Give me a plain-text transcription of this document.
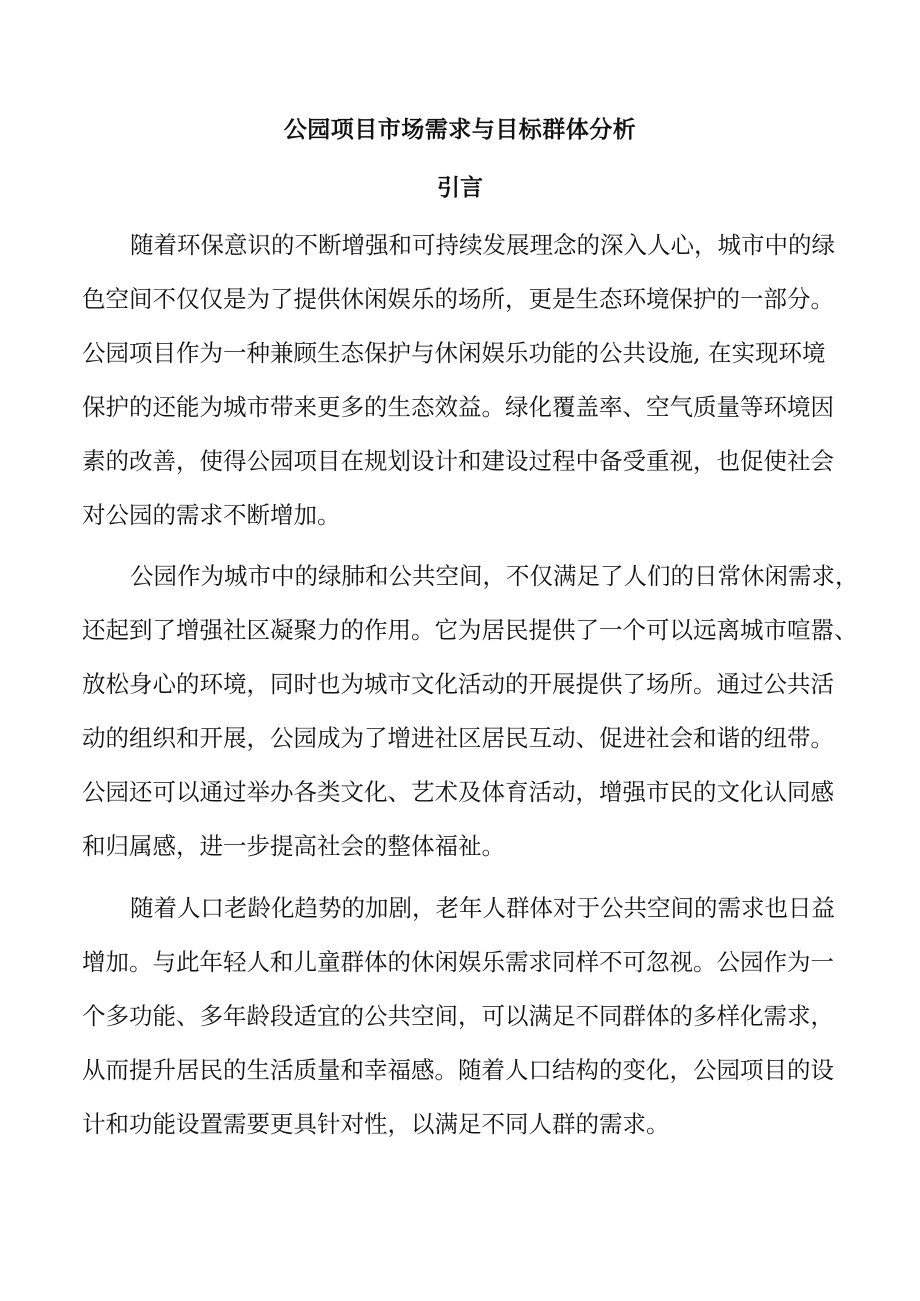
公园项目市场需求与目标群体分析
引言

随着环保意识的不断增强和可持续发展理念的深入人心，城市中的绿
色空间不仅仅是为了提供休闲娱乐的场所，更是生态环境保护的一部分。
公园项目作为一种兼顾生态保护与休闲娱乐功能的公共设施, 在实现环境
保护的还能为城市带来更多的生态效益。绿化覆盖率、空气质量等环境因
素的改善，使得公园项目在规划设计和建设过程中备受重视，也促使社会
对公园的需求不断增加。

公园作为城市中的绿肺和公共空间，不仅满足了人们的日常休闲需求，
还起到了增强社区凝聚力的作用。它为居民提供了一个可以远离城市喧嚣、
放松身心的环境，同时也为城市文化活动的开展提供了场所。通过公共活
动的组织和开展，公园成为了增进社区居民互动、促进社会和谐的纽带。
公园还可以通过举办各类文化、艺术及体育活动，增强市民的文化认同感
和归属感，进一步提高社会的整体福祉。

随着人口老龄化趋势的加剧，老年人群体对于公共空间的需求也日益
增加。与此年轻人和儿童群体的休闲娱乐需求同样不可忽视。公园作为一
个多功能、多年龄段适宜的公共空间，可以满足不同群体的多样化需求，
从而提升居民的生活质量和幸福感。随着人口结构的变化，公园项目的设
计和功能设置需要更具针对性，以满足不同人群的需求。
